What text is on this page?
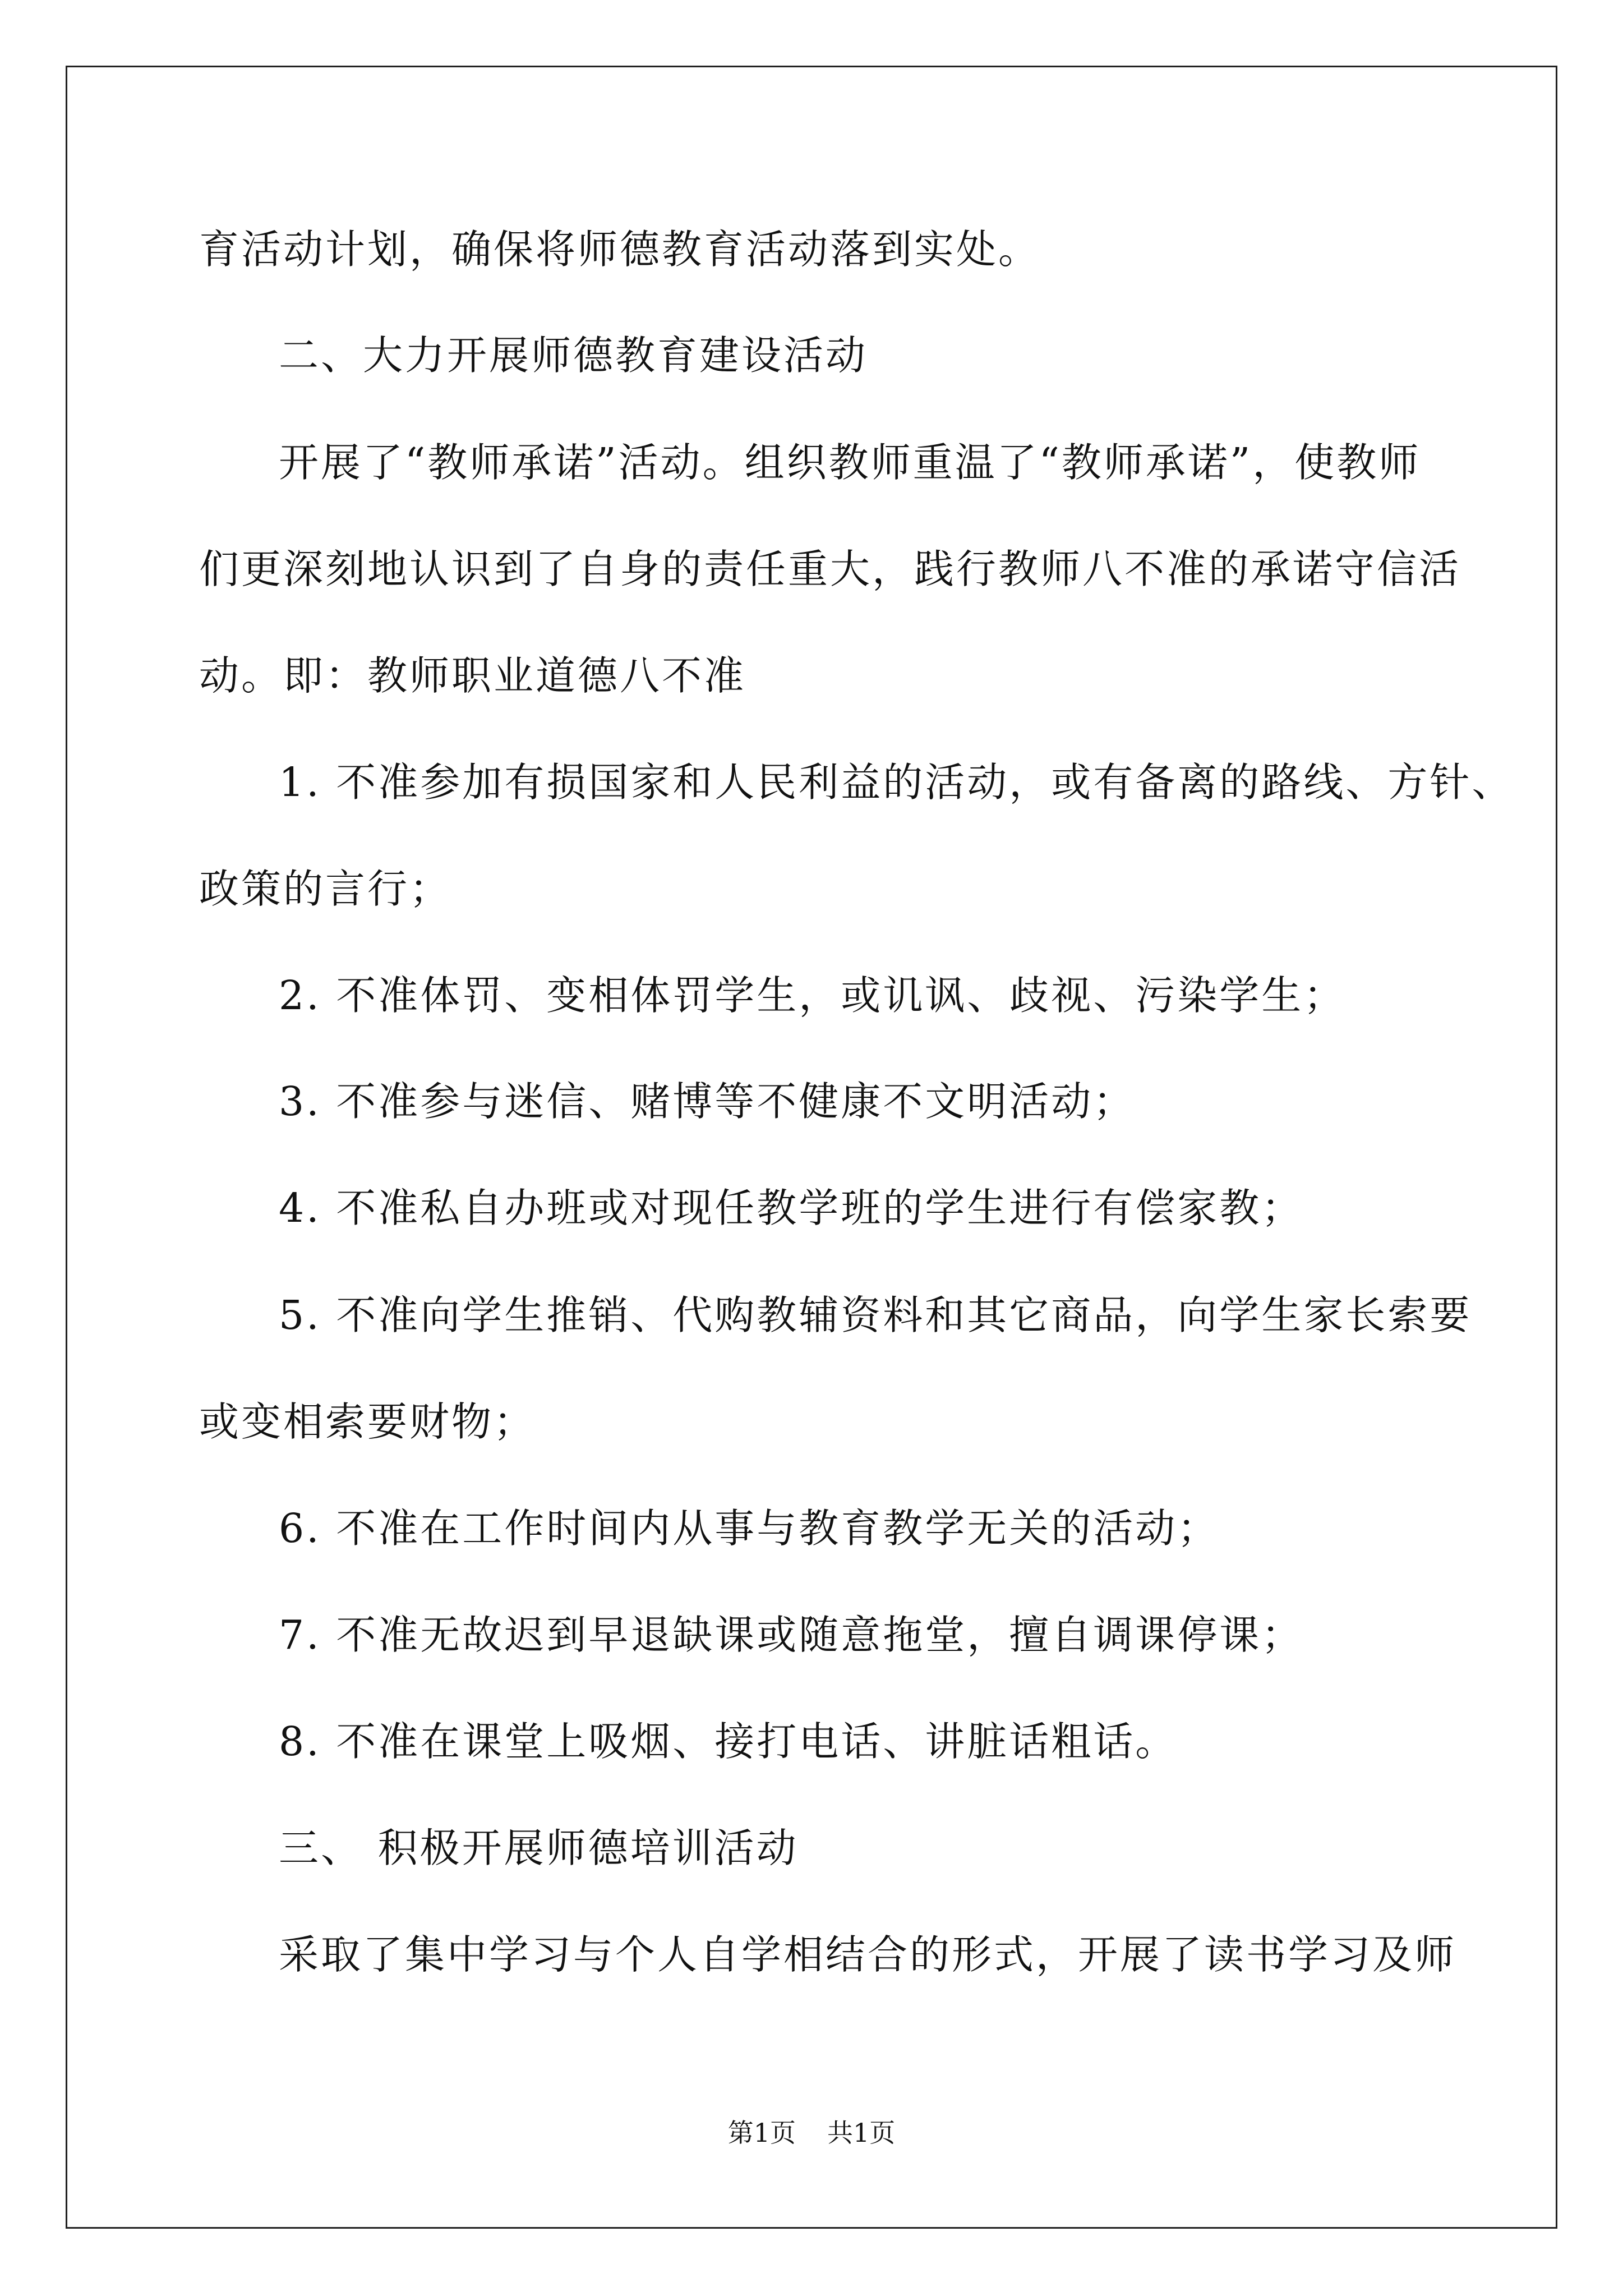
育活动计划，确保将师德教育活动落到实处。

二、大力开展师德教育建设活动

开展了“教师承诺”活动。组织教师重温了“教师承诺”，使教师

们更深刻地认识到了自身的责任重大，践行教师八不准的承诺守信活

动。即：教师职业道德八不准

1. 不准参加有损国家和人民利益的活动，或有备离的路线、方针、

政策的言行；

2. 不准体罚、变相体罚学生，或讥讽、歧视、污染学生；

3. 不准参与迷信、赌博等不健康不文明活动；

4. 不准私自办班或对现任教学班的学生进行有偿家教；

5. 不准向学生推销、代购教辅资料和其它商品，向学生家长索要

或变相索要财物；

6. 不准在工作时间内从事与教育教学无关的活动；

7. 不准无故迟到早退缺课或随意拖堂，擅自调课停课；

8. 不准在课堂上吸烟、接打电话、讲脏话粗话。

三、 积极开展师德培训活动

采取了集中学习与个人自学相结合的形式，开展了读书学习及师

第1页 共1页
